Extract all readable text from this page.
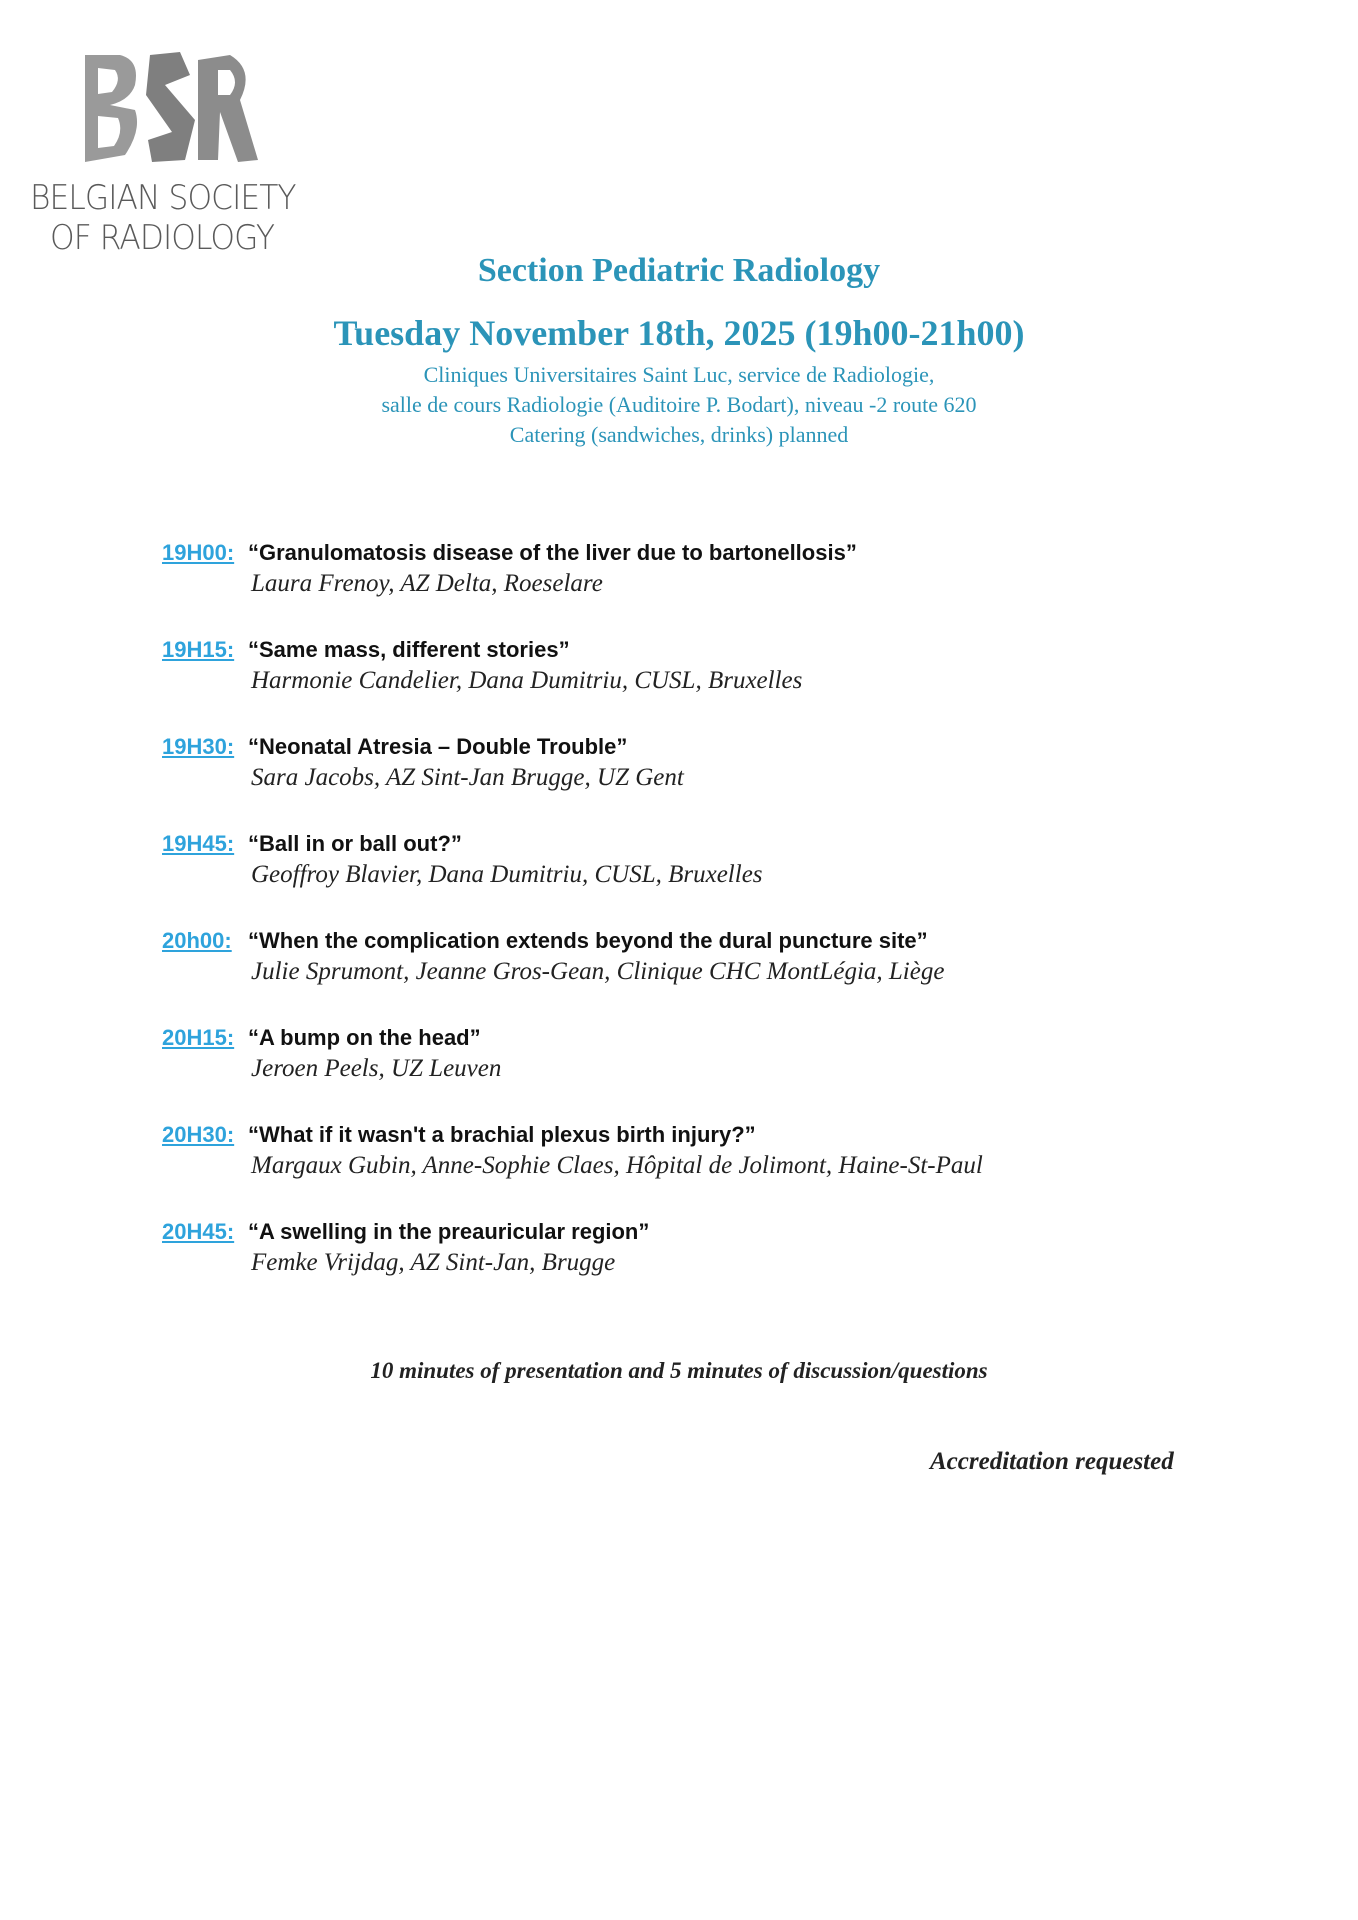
BELGIAN SOCIETY
OF RADIOLOGY
Section Pediatric Radiology
Tuesday November 18th, 2025 (19h00-21h00)
Cliniques Universitaires Saint Luc, service de Radiologie,
salle de cours Radiologie (Auditoire P. Bodart), niveau -2 route 620
Catering (sandwiches, drinks) planned
19H00: “Granulomatosis disease of the liver due to bartonellosis”
Laura Frenoy, AZ Delta, Roeselare
19H15: “Same mass, different stories”
Harmonie Candelier, Dana Dumitriu, CUSL, Bruxelles
19H30: “Neonatal Atresia – Double Trouble”
Sara Jacobs, AZ Sint-Jan Brugge, UZ Gent
19H45: “Ball in or ball out?”
Geoffroy Blavier, Dana Dumitriu, CUSL, Bruxelles
20h00: “When the complication extends beyond the dural puncture site”
Julie Sprumont, Jeanne Gros-Gean, Clinique CHC MontLégia, Liège
20H15: “A bump on the head”
Jeroen Peels, UZ Leuven
20H30: “What if it wasn't a brachial plexus birth injury?”
Margaux Gubin, Anne-Sophie Claes, Hôpital de Jolimont, Haine-St-Paul
20H45: “A swelling in the preauricular region”
Femke Vrijdag, AZ Sint-Jan, Brugge
10 minutes of presentation and 5 minutes of discussion/questions
Accreditation requested
